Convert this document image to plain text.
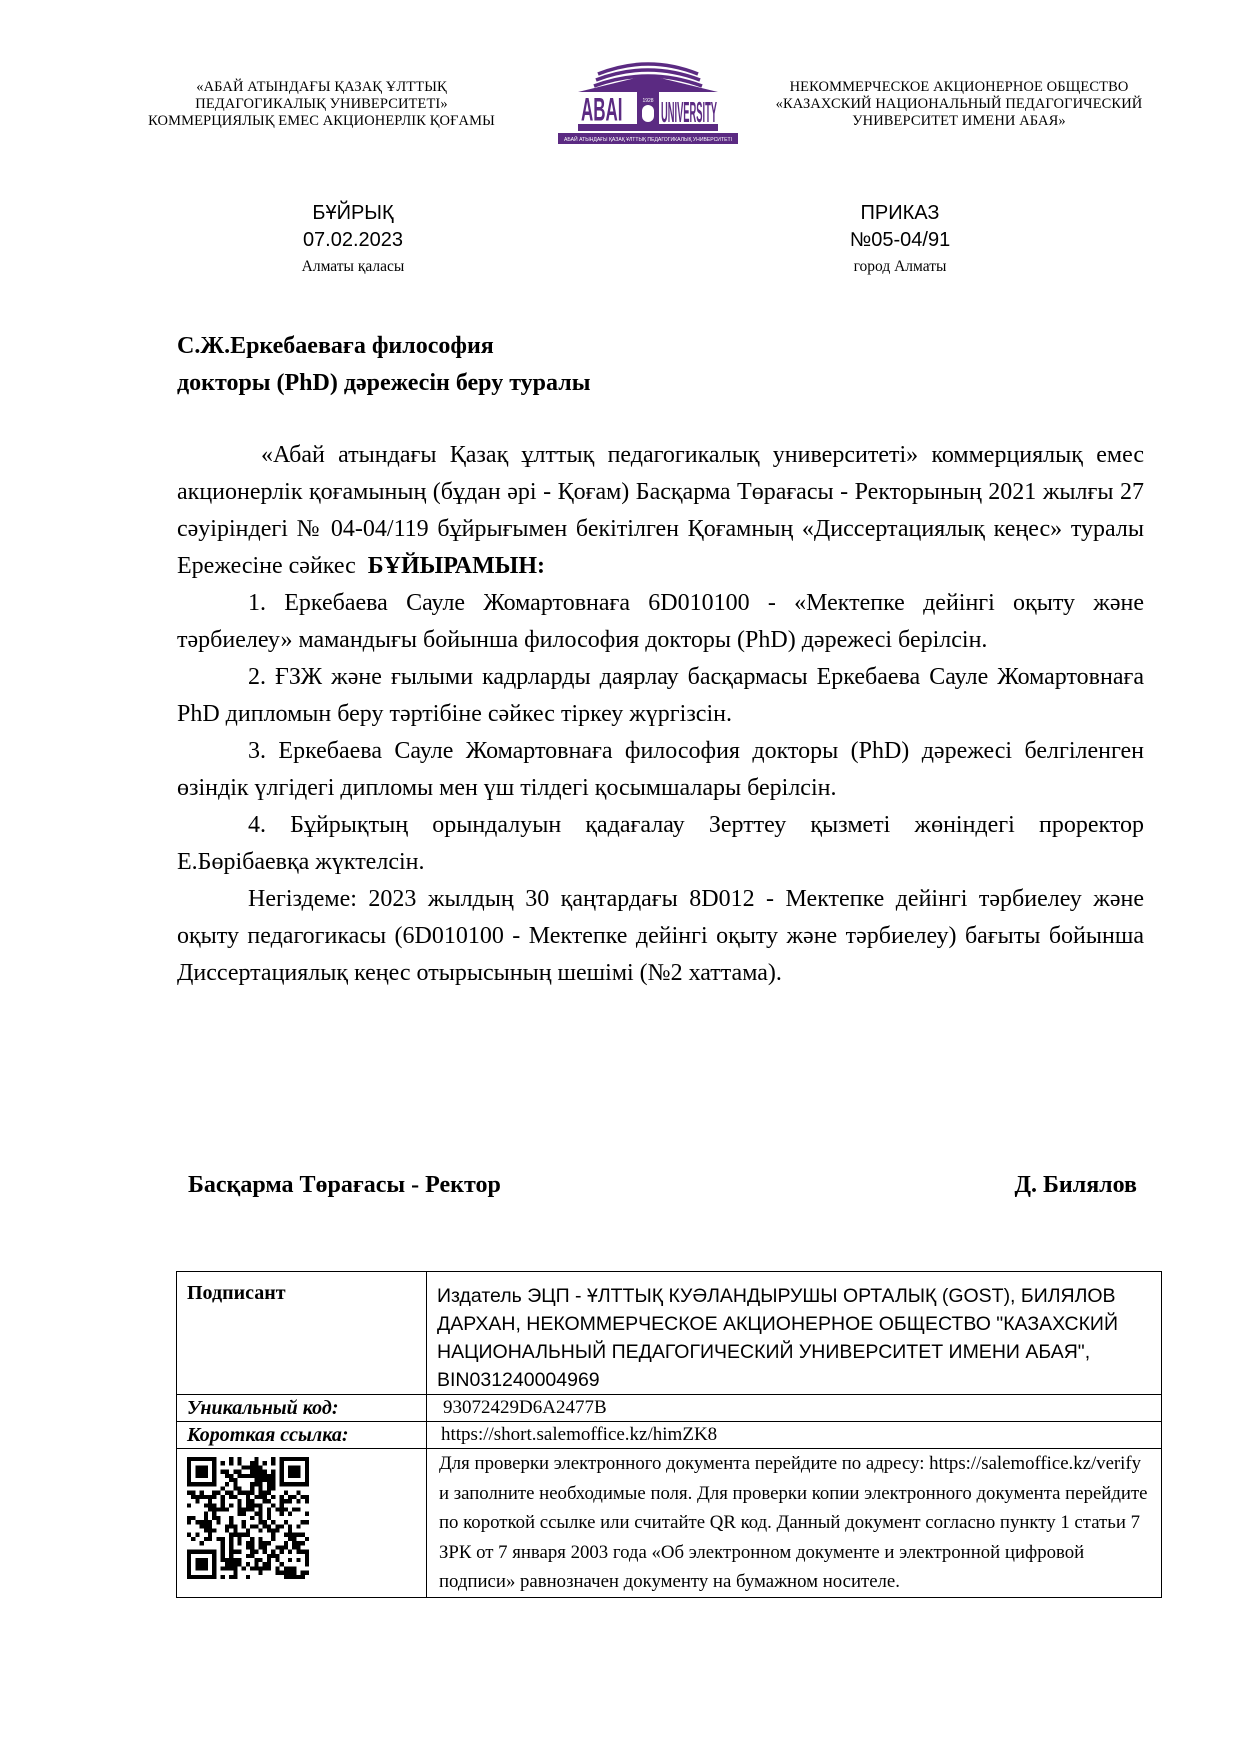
«АБАЙ АТЫНДАҒЫ ҚАЗАҚ ҰЛТТЫҚ
ПЕДАГОГИКАЛЫҚ УНИВЕРСИТЕТІ»
КОММЕРЦИЯЛЫҚ ЕМЕС АКЦИОНЕРЛІК ҚОҒАМЫ	ABAI	1928 UNIVERSITY
АБАЙ АТЫНДАҒЫ ҚАЗАҚ ҰЛТТЫҚ ПЕДАГОГИКАЛЫҚ УНИВЕРСИТЕТІ
НЕКОММЕРЧЕСКОЕ АКЦИОНЕРНОЕ ОБЩЕСТВО
«КАЗАХСКИЙ НАЦИОНАЛЬНЫЙ ПЕДАГОГИЧЕСКИЙ
УНИВЕРСИТЕТ ИМЕНИ АБАЯ»
БҰЙРЫҚ
07.02.2023
Алматы қаласы
ПРИКАЗ
№05-04/91
город Алматы
С.Ж.Еркебаеваға философия
докторы (PhD) дәрежесін беру туралы

«Абай атындағы Қазақ ұлттық педагогикалық университеті» коммерциялық емес акционерлік қоғамының (бұдан әрі - Қоғам) Басқарма Төрағасы - Ректорының 2021 жылғы 27 сәуіріндегі № 04-04/119 бұйрығымен бекітілген Қоғамның «Диссертациялық кеңес» туралы Ережесіне сәйкес БҰЙЫРАМЫН:

1. Еркебаева Сауле Жомартовнаға 6D010100 - «Мектепке дейінгі оқыту және тәрбиелеу» мамандығы бойынша философия докторы (PhD) дәрежесі берілсін.

2. ҒЗЖ және ғылыми кадрларды даярлау басқармасы Еркебаева Сауле Жомартовнаға PhD дипломын беру тәртібіне сәйкес тіркеу жүргізсін.

3. Еркебаева Сауле Жомартовнаға философия докторы (PhD) дәрежесі белгіленген өзіндік үлгідегі дипломы мен үш тілдегі қосымшалары берілсін.

4. Бұйрықтың орындалуын қадағалау Зерттеу қызметі жөніндегі проректор Е.Бөрібаевқа жүктелсін.

Негіздеме: 2023 жылдың 30 қаңтардағы 8D012 - Мектепке дейінгі тәрбиелеу және оқыту педагогикасы (6D010100 - Мектепке дейінгі оқыту және тәрбиелеу) бағыты бойынша Диссертациялық кеңес отырысының шешімі (№2 хаттама).

Басқарма Төрағасы - Ректор	Д. Билялов
Подписант	Издатель ЭЦП - ҰЛТТЫҚ КУӘЛАНДЫРУШЫ ОРТАЛЫҚ (GOST), БИЛЯЛОВ ДАРХАН, НЕКОММЕРЧЕСКОЕ АКЦИОНЕРНОЕ ОБЩЕСТВО "КАЗАХСКИЙ НАЦИОНАЛЬНЫЙ ПЕДАГОГИЧЕСКИЙ УНИВЕРСИТЕТ ИМЕНИ АБАЯ", BIN031240004969
Уникальный код:	93072429D6A2477B
Короткая ссылка:	https://short.salemoffice.kz/himZK8
	Для проверки электронного документа перейдите по адресу: https://salemoffice.kz/verify и заполните необходимые поля. Для проверки копии электронного документа перейдите по короткой ссылке или считайте QR код. Данный документ согласно пункту 1 статьи 7 ЗРК от 7 января 2003 года «Об электронном документе и электронной цифровой подписи» равнозначен документу на бумажном носителе.
